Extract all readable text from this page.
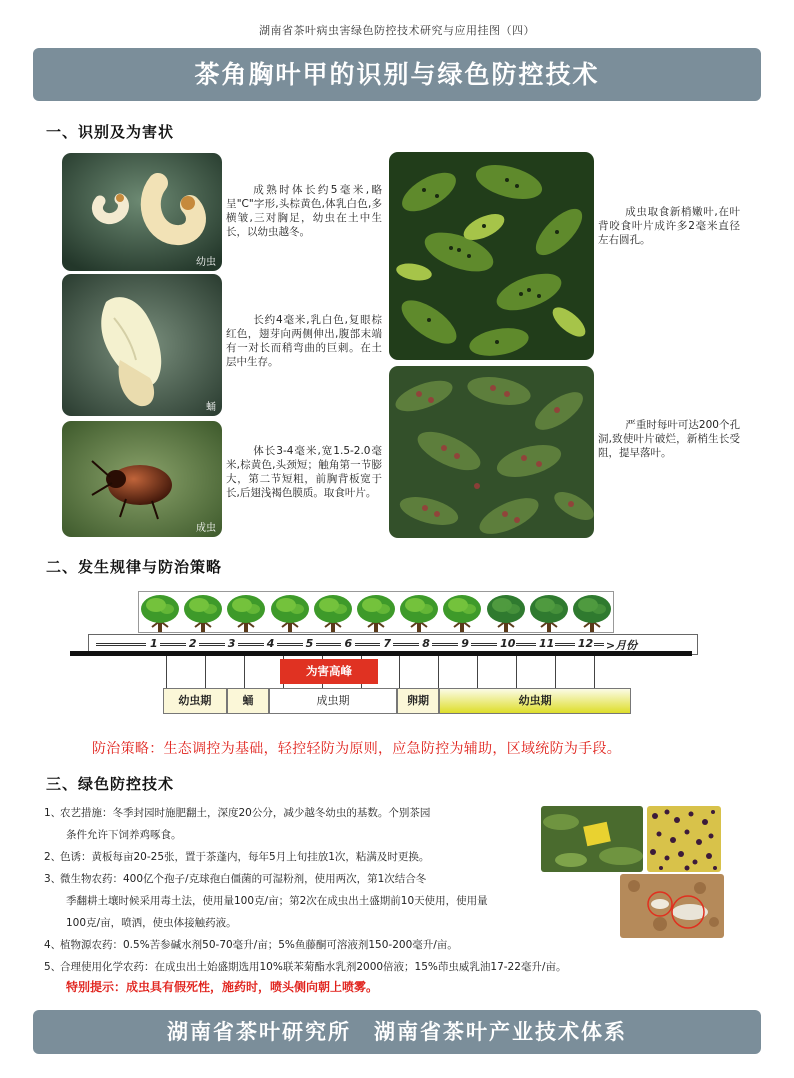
湖南省茶叶病虫害绿色防控技术研究与应用挂图（四）
茶角胸叶甲的识别与绿色防控技术
一、识别及为害状
幼虫
蛹
成虫

成熟时体长约5毫米,略呈"C"字形,头棕黄色,体乳白色,多横皱,三对胸足，幼虫在土中生长，以幼虫越冬。

长约4毫米,乳白色,复眼棕红色，翅芽向两侧伸出,腹部末端有一对长而稍弯曲的巨刺。在土层中生存。

体长3-4毫米,宽1.5-2.0毫米,棕黄色,头颈短；触角第一节膨大，第二节短粗，前胸背板宽于长,后翅浅褐色膜质。取食叶片。

成虫取食新梢嫩叶,在叶背咬食叶片成许多2毫米直径左右圆孔。

严重时每叶可达200个孔洞,致使叶片破烂，新梢生长受阻，提早落叶。

二、发生规律与防治策略
1	2	3	4	5	6	7	8	9	10 11 12 >月份
为害高峰
幼虫期	蛹	成虫期	卵期	幼虫期
防治策略：生态调控为基础，轻控轻防为原则，应急防控为辅助，区域统防为手段。
三、绿色防控技术
1、农艺措施：冬季封园时施肥翻土，深度20公分，减少越冬幼虫的基数。个别茶园
条件允许下饲养鸡啄食。
2、色诱：黄板每亩20-25张，置于茶蓬内，每年5月上旬挂放1次，粘满及时更换。
3、微生物农药：400亿个孢子/克球孢白僵菌的可湿粉剂，使用两次，第1次结合冬
季翻耕土壤时候采用毒土法，使用量100克/亩；第2次在成虫出土盛期前10天使用，使用量
100克/亩，喷洒，使虫体接触药液。
4、植物源农药：0.5%苦参碱水剂50-70毫升/亩；5%鱼藤酮可溶液剂150-200毫升/亩。
5、合理使用化学农药：在成虫出土始盛期选用10%联苯菊酯水乳剂2000倍液；15%茚虫威乳油17-22毫升/亩。
特别提示：成虫具有假死性，施药时，喷头侧向朝上喷雾。
湖南省茶叶研究所　湖南省茶叶产业技术体系
